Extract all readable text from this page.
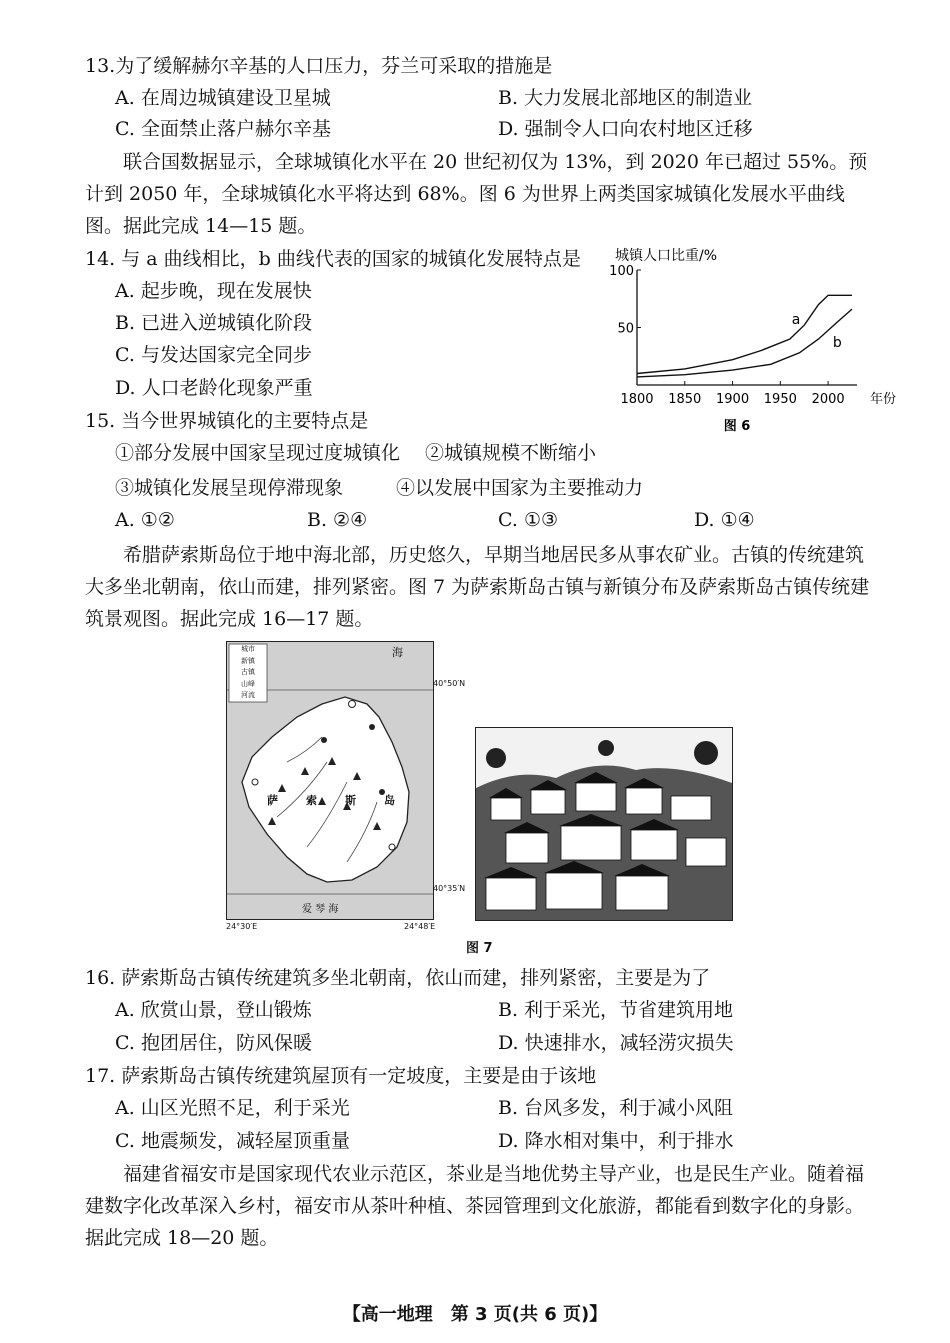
13.为了缓解赫尔辛基的人口压力，芬兰可采取的措施是
A. 在周边城镇建设卫星城	B. 大力发展北部地区的制造业
C. 全面禁止落户赫尔辛基	D. 强制令人口向农村地区迁移
联合国数据显示，全球城镇化水平在 20 世纪初仅为 13%，到 2020 年已超过 55%。预计到 2050 年，全球城镇化水平将达到 68%。图 6 为世界上两类国家城镇化发展水平曲线图。据此完成 14—15 题。
14. 与 a 曲线相比，b 曲线代表的国家的城镇化发展特点是
A. 起步晚，现在发展快
B. 已进入逆城镇化阶段
C. 与发达国家完全同步
D. 人口老龄化现象严重
城镇人口比重/%
100
50
1800 1850 1900 1950 2000 年份
a
b
图 6
15. 当今世界城镇化的主要特点是
①部分发展中国家呈现过度城镇化 ②城镇规模不断缩小
③城镇化发展呈现停滞现象	④以发展中国家为主要推动力
A. ①②	B. ②④	C. ①③	D. ①④
希腊萨索斯岛位于地中海北部，历史悠久，早期当地居民多从事农矿业。古镇的传统建筑大多坐北朝南，依山而建，排列紧密。图 7 为萨索斯岛古镇与新镇分布及萨索斯岛古镇传统建筑景观图。据此完成 16—17 题。
城市
新镇
古镇
山峰
河流
海
爱 琴 海
萨	索	斯	岛
40°50′N
40°35′N
24°30′E	24°48′E
图 7
16. 萨索斯岛古镇传统建筑多坐北朝南，依山而建，排列紧密，主要是为了
A. 欣赏山景，登山锻炼	B. 利于采光，节省建筑用地
C. 抱团居住，防风保暖	D. 快速排水，减轻涝灾损失
17. 萨索斯岛古镇传统建筑屋顶有一定坡度，主要是由于该地
A. 山区光照不足，利于采光	B. 台风多发，利于减小风阻
C. 地震频发，减轻屋顶重量	D. 降水相对集中，利于排水
福建省福安市是国家现代农业示范区，茶业是当地优势主导产业，也是民生产业。随着福建数字化改革深入乡村，福安市从茶叶种植、茶园管理到文化旅游，都能看到数字化的身影。据此完成 18—20 题。
【高一地理　第 3 页(共 6 页)】
